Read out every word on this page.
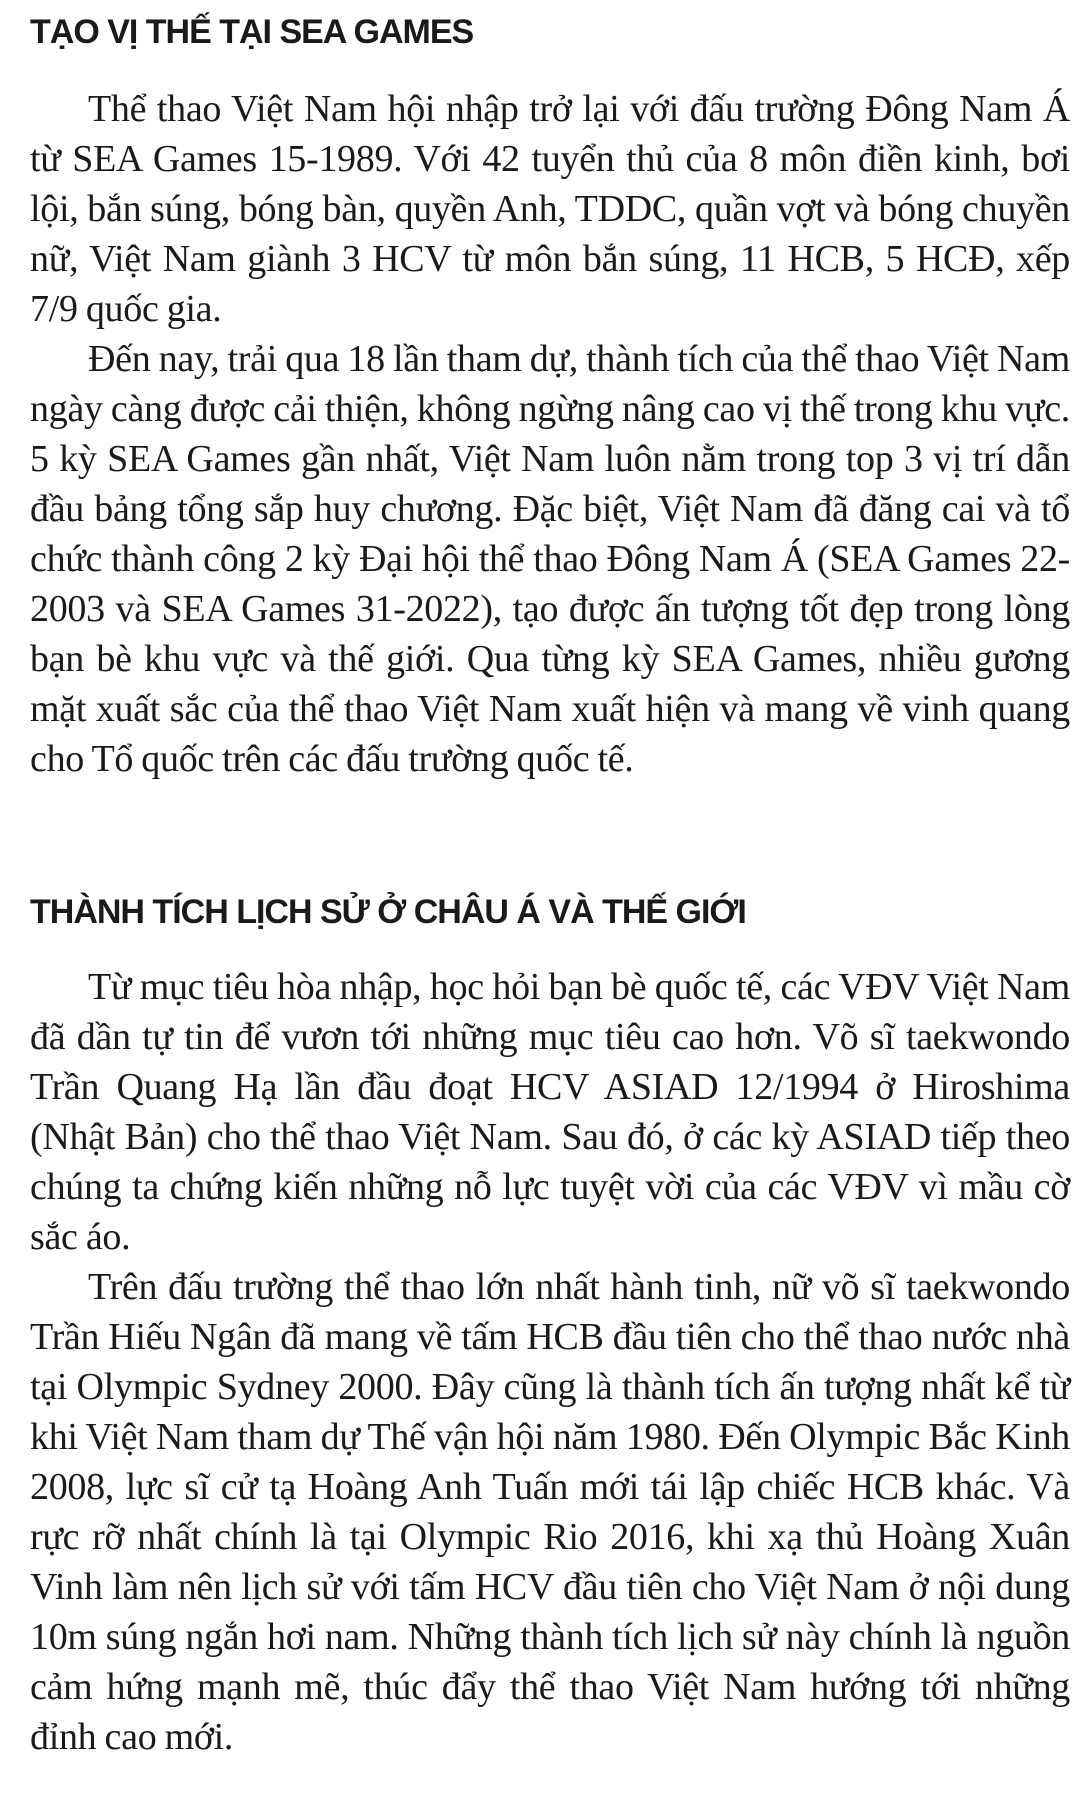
TẠO VỊ THẾ TẠI SEA GAMES

Thể thao Việt Nam hội nhập trở lại với đấu trường Đông Nam Á từ SEA Games 15-1989. Với 42 tuyển thủ của 8 môn điền kinh, bơi lội, bắn súng, bóng bàn, quyền Anh, TDDC, quần vợt và bóng chuyền nữ, Việt Nam giành 3 HCV từ môn bắn súng, 11 HCB, 5 HCĐ, xếp 7/9 quốc gia.

Đến nay, trải qua 18 lần tham dự, thành tích của thể thao Việt Nam ngày càng được cải thiện, không ngừng nâng cao vị thế trong khu vực. 5 kỳ SEA Games gần nhất, Việt Nam luôn nằm trong top 3 vị trí dẫn đầu bảng tổng sắp huy chương. Đặc biệt, Việt Nam đã đăng cai và tổ chức thành công 2 kỳ Đại hội thể thao Đông Nam Á (SEA Games 22-2003 và SEA Games 31-2022), tạo được ấn tượng tốt đẹp trong lòng bạn bè khu vực và thế giới. Qua từng kỳ SEA Games, nhiều gương mặt xuất sắc của thể thao Việt Nam xuất hiện và mang về vinh quang cho Tổ quốc trên các đấu trường quốc tế.

THÀNH TÍCH LỊCH SỬ Ở CHÂU Á VÀ THẾ GIỚI

Từ mục tiêu hòa nhập, học hỏi bạn bè quốc tế, các VĐV Việt Nam đã dần tự tin để vươn tới những mục tiêu cao hơn. Võ sĩ taekwondo Trần Quang Hạ lần đầu đoạt HCV ASIAD 12/1994 ở Hiroshima (Nhật Bản) cho thể thao Việt Nam. Sau đó, ở các kỳ ASIAD tiếp theo chúng ta chứng kiến những nỗ lực tuyệt vời của các VĐV vì mầu cờ sắc áo.

Trên đấu trường thể thao lớn nhất hành tinh, nữ võ sĩ taekwondo Trần Hiếu Ngân đã mang về tấm HCB đầu tiên cho thể thao nước nhà tại Olympic Sydney 2000. Đây cũng là thành tích ấn tượng nhất kể từ khi Việt Nam tham dự Thế vận hội năm 1980. Đến Olympic Bắc Kinh 2008, lực sĩ cử tạ Hoàng Anh Tuấn mới tái lập chiếc HCB khác. Và rực rỡ nhất chính là tại Olympic Rio 2016, khi xạ thủ Hoàng Xuân Vinh làm nên lịch sử với tấm HCV đầu tiên cho Việt Nam ở nội dung 10m súng ngắn hơi nam. Những thành tích lịch sử này chính là nguồn cảm hứng mạnh mẽ, thúc đẩy thể thao Việt Nam hướng tới những đỉnh cao mới.
